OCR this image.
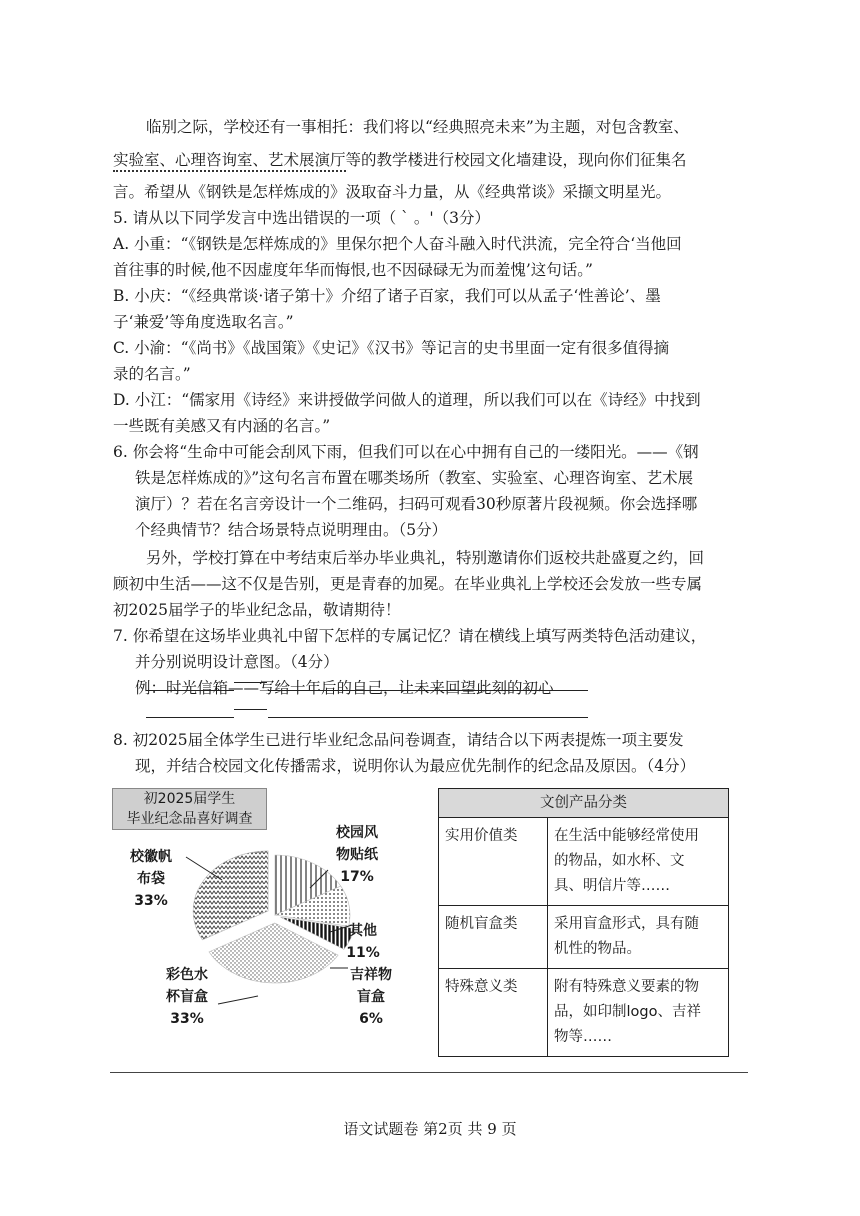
临别之际，学校还有一事相托：我们将以“经典照亮未来”为主题，对包含教室、
实验室、心理咨询室、艺术展演厅等的教学楼进行校园文化墙建设，现向你们征集名
言。希望从《钢铁是怎样炼成的》汲取奋斗力量，从《经典常谈》采撷文明星光。
5. 请从以下同学发言中选出错误的一项（ ` 。'（3分）
A. 小重：“《钢铁是怎样炼成的》里保尔把个人奋斗融入时代洪流，完全符合‘当他回
首往事的时候,他不因虚度年华而悔恨,也不因碌碌无为而羞愧’这句话。”
B. 小庆：“《经典常谈·诸子第十》介绍了诸子百家，我们可以从孟子‘性善论’、墨
子‘兼爱’等角度选取名言。”
C. 小渝：“《尚书》《战国策》《史记》《汉书》等记言的史书里面一定有很多值得摘
录的名言。”
D. 小江：“儒家用《诗经》来讲授做学问做人的道理，所以我们可以在《诗经》中找到
一些既有美感又有内涵的名言。”
6. 你会将“生命中可能会刮风下雨，但我们可以在心中拥有自己的一缕阳光。——《钢
铁是怎样炼成的》”这句名言布置在哪类场所（教室、实验室、心理咨询室、艺术展
演厅）？若在名言旁设计一个二维码，扫码可观看30秒原著片段视频。你会选择哪
个经典情节？结合场景特点说明理由。（5分）
另外，学校打算在中考结束后举办毕业典礼，特别邀请你们返校共赴盛夏之约，回
顾初中生活——这不仅是告别，更是青春的加冕。在毕业典礼上学校还会发放一些专属
初2025届学子的毕业纪念品，敬请期待！
7. 你希望在这场毕业典礼中留下怎样的专属记忆？请在横线上填写两类特色活动建议，
并分别说明设计意图。（4分）
例：时光信箱——写给十年后的自己，让未来回望此刻的初心
8. 初2025届全体学生已进行毕业纪念品问卷调查，请结合以下两表提炼一项主要发
现，并结合校园文化传播需求，说明你认为最应优先制作的纪念品及原因。（4分）
初2025届学生
毕业纪念品喜好调查
校园风
物贴纸
17%
其他
11%
吉祥物
盲盒
6%
彩色水
杯盲盒
33%
校徽帆
布袋
33%
文创产品分类	
实用价值类	在生活中能够经常使用
的物品，如水杯、文
具、明信片等……

随机盲盒类	采用盲盒形式，具有随
机性的物品。

特殊意义类	附有特殊意义要素的物
品，如印制logo、吉祥
物等……
语文试题卷 第2页 共 9 页
